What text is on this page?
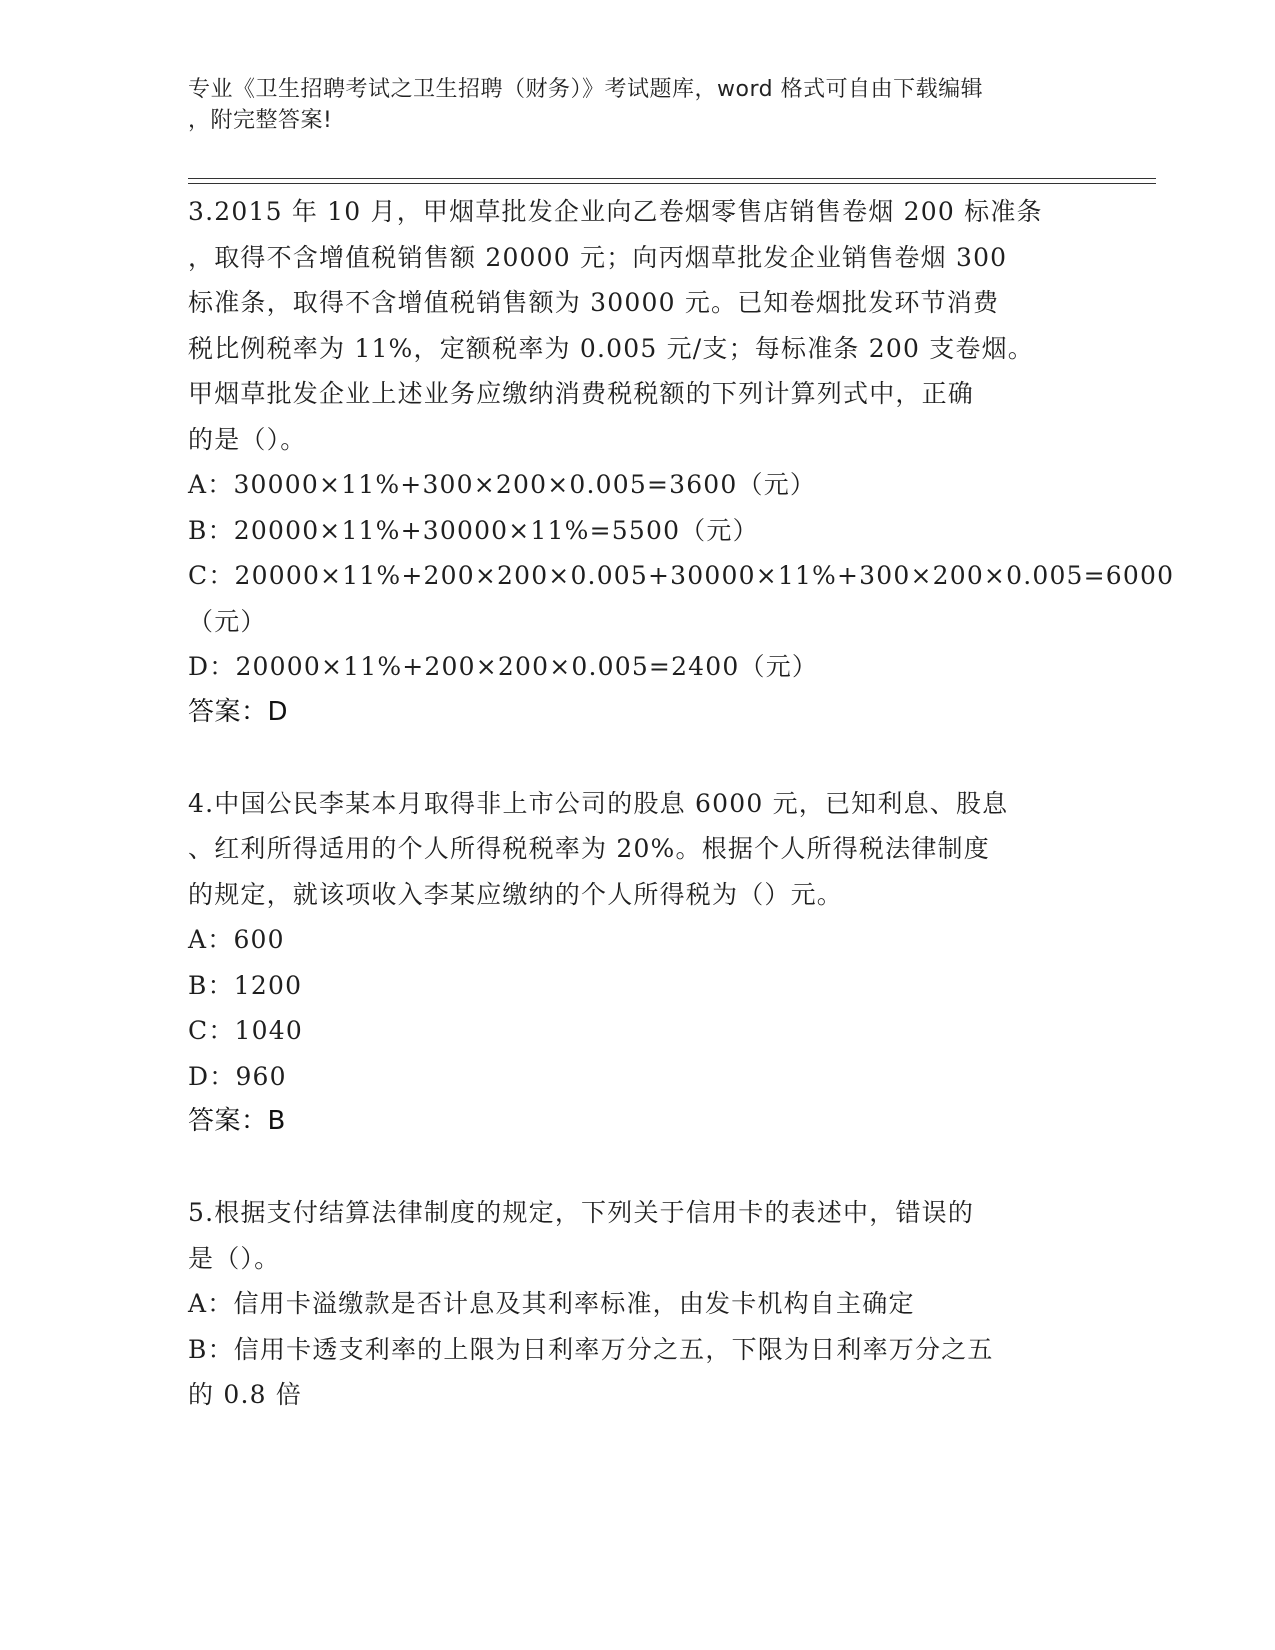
专业《卫生招聘考试之卫生招聘（财务）》考试题库，word 格式可自由下载编辑
，附完整答案!
3.2015 年 10 月，甲烟草批发企业向乙卷烟零售店销售卷烟 200 标准条
，取得不含增值税销售额 20000 元；向丙烟草批发企业销售卷烟 300
标准条，取得不含增值税销售额为 30000 元。已知卷烟批发环节消费
税比例税率为 11%，定额税率为 0.005 元/支；每标准条 200 支卷烟。
甲烟草批发企业上述业务应缴纳消费税税额的下列计算列式中，正确
的是（）。
A：30000×11%+300×200×0.005=3600（元）
B：20000×11%+30000×11%=5500（元）
C：20000×11%+200×200×0.005+30000×11%+300×200×0.005=6000
（元）
D：20000×11%+200×200×0.005=2400（元）
答案：D
4.中国公民李某本月取得非上市公司的股息 6000 元，已知利息、股息
、红利所得适用的个人所得税税率为 20%。根据个人所得税法律制度
的规定，就该项收入李某应缴纳的个人所得税为（）元。
A：600
B：1200
C：1040
D：960
答案：B
5.根据支付结算法律制度的规定，下列关于信用卡的表述中，错误的
是（）。
A：信用卡溢缴款是否计息及其利率标准，由发卡机构自主确定
B：信用卡透支利率的上限为日利率万分之五，下限为日利率万分之五
的 0.8 倍
